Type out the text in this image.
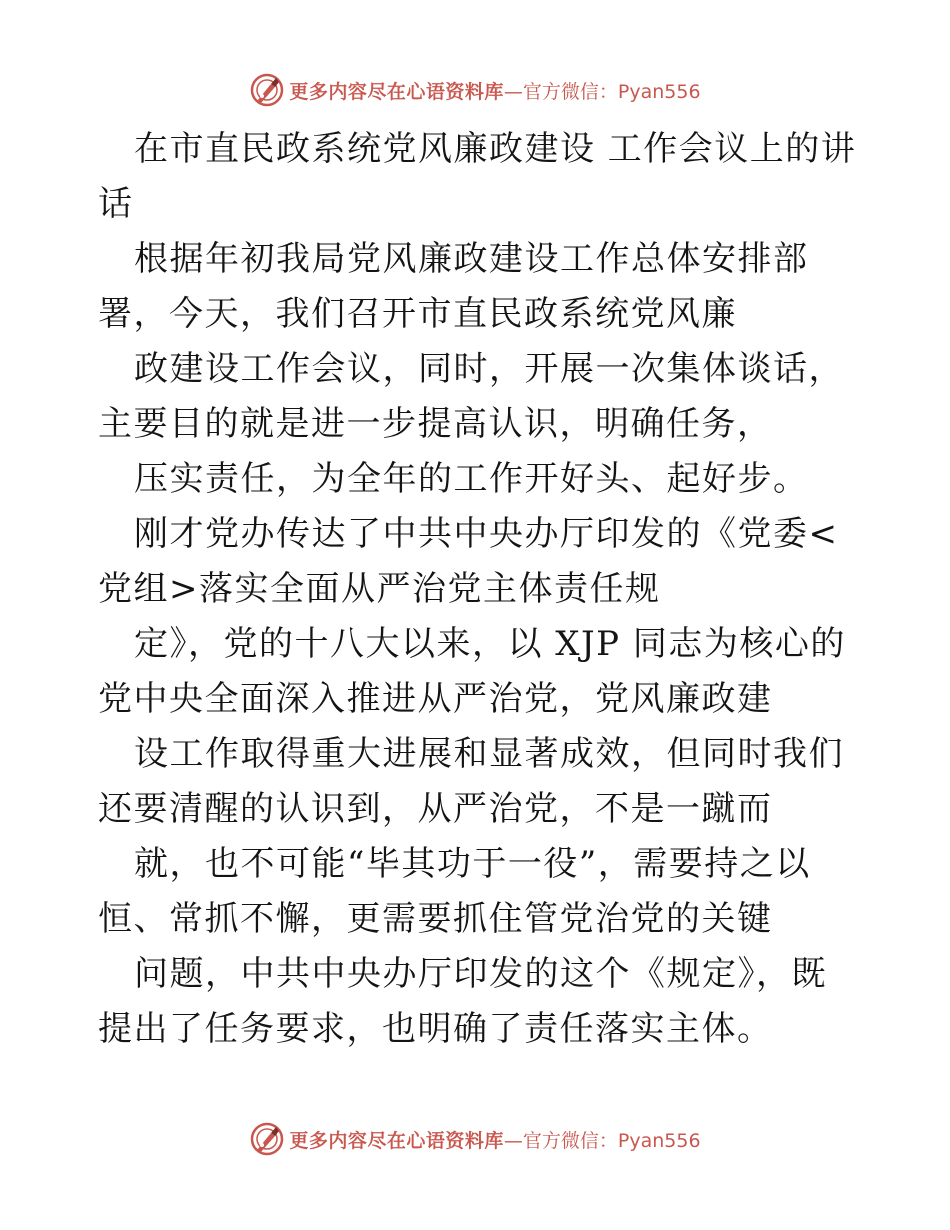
更多内容尽在心语资料库 —官方微信：Pyan556

在市直民政系统党风廉政建设 工作会议上的讲话

根据年初我局党风廉政建设工作总体安排部署，今天，我们召开市直民政系统党风廉

政建设工作会议，同时，开展一次集体谈话，主要目的就是进一步提高认识，明确任务，

压实责任，为全年的工作开好头、起好步。

刚才党办传达了中共中央办厅印发的《党委<党组>落实全面从严治党主体责任规

定》，党的十八大以来，以 XJP 同志为核心的党中央全面深入推进从严治党，党风廉政建

设工作取得重大进展和显著成效，但同时我们还要清醒的认识到，从严治党，不是一蹴而

就，也不可能“毕其功于一役”，需要持之以恒、常抓不懈，更需要抓住管党治党的关键

问题，中共中央办厅印发的这个《规定》，既提出了任务要求，也明确了责任落实主体。

更多内容尽在心语资料库 —官方微信：Pyan556
